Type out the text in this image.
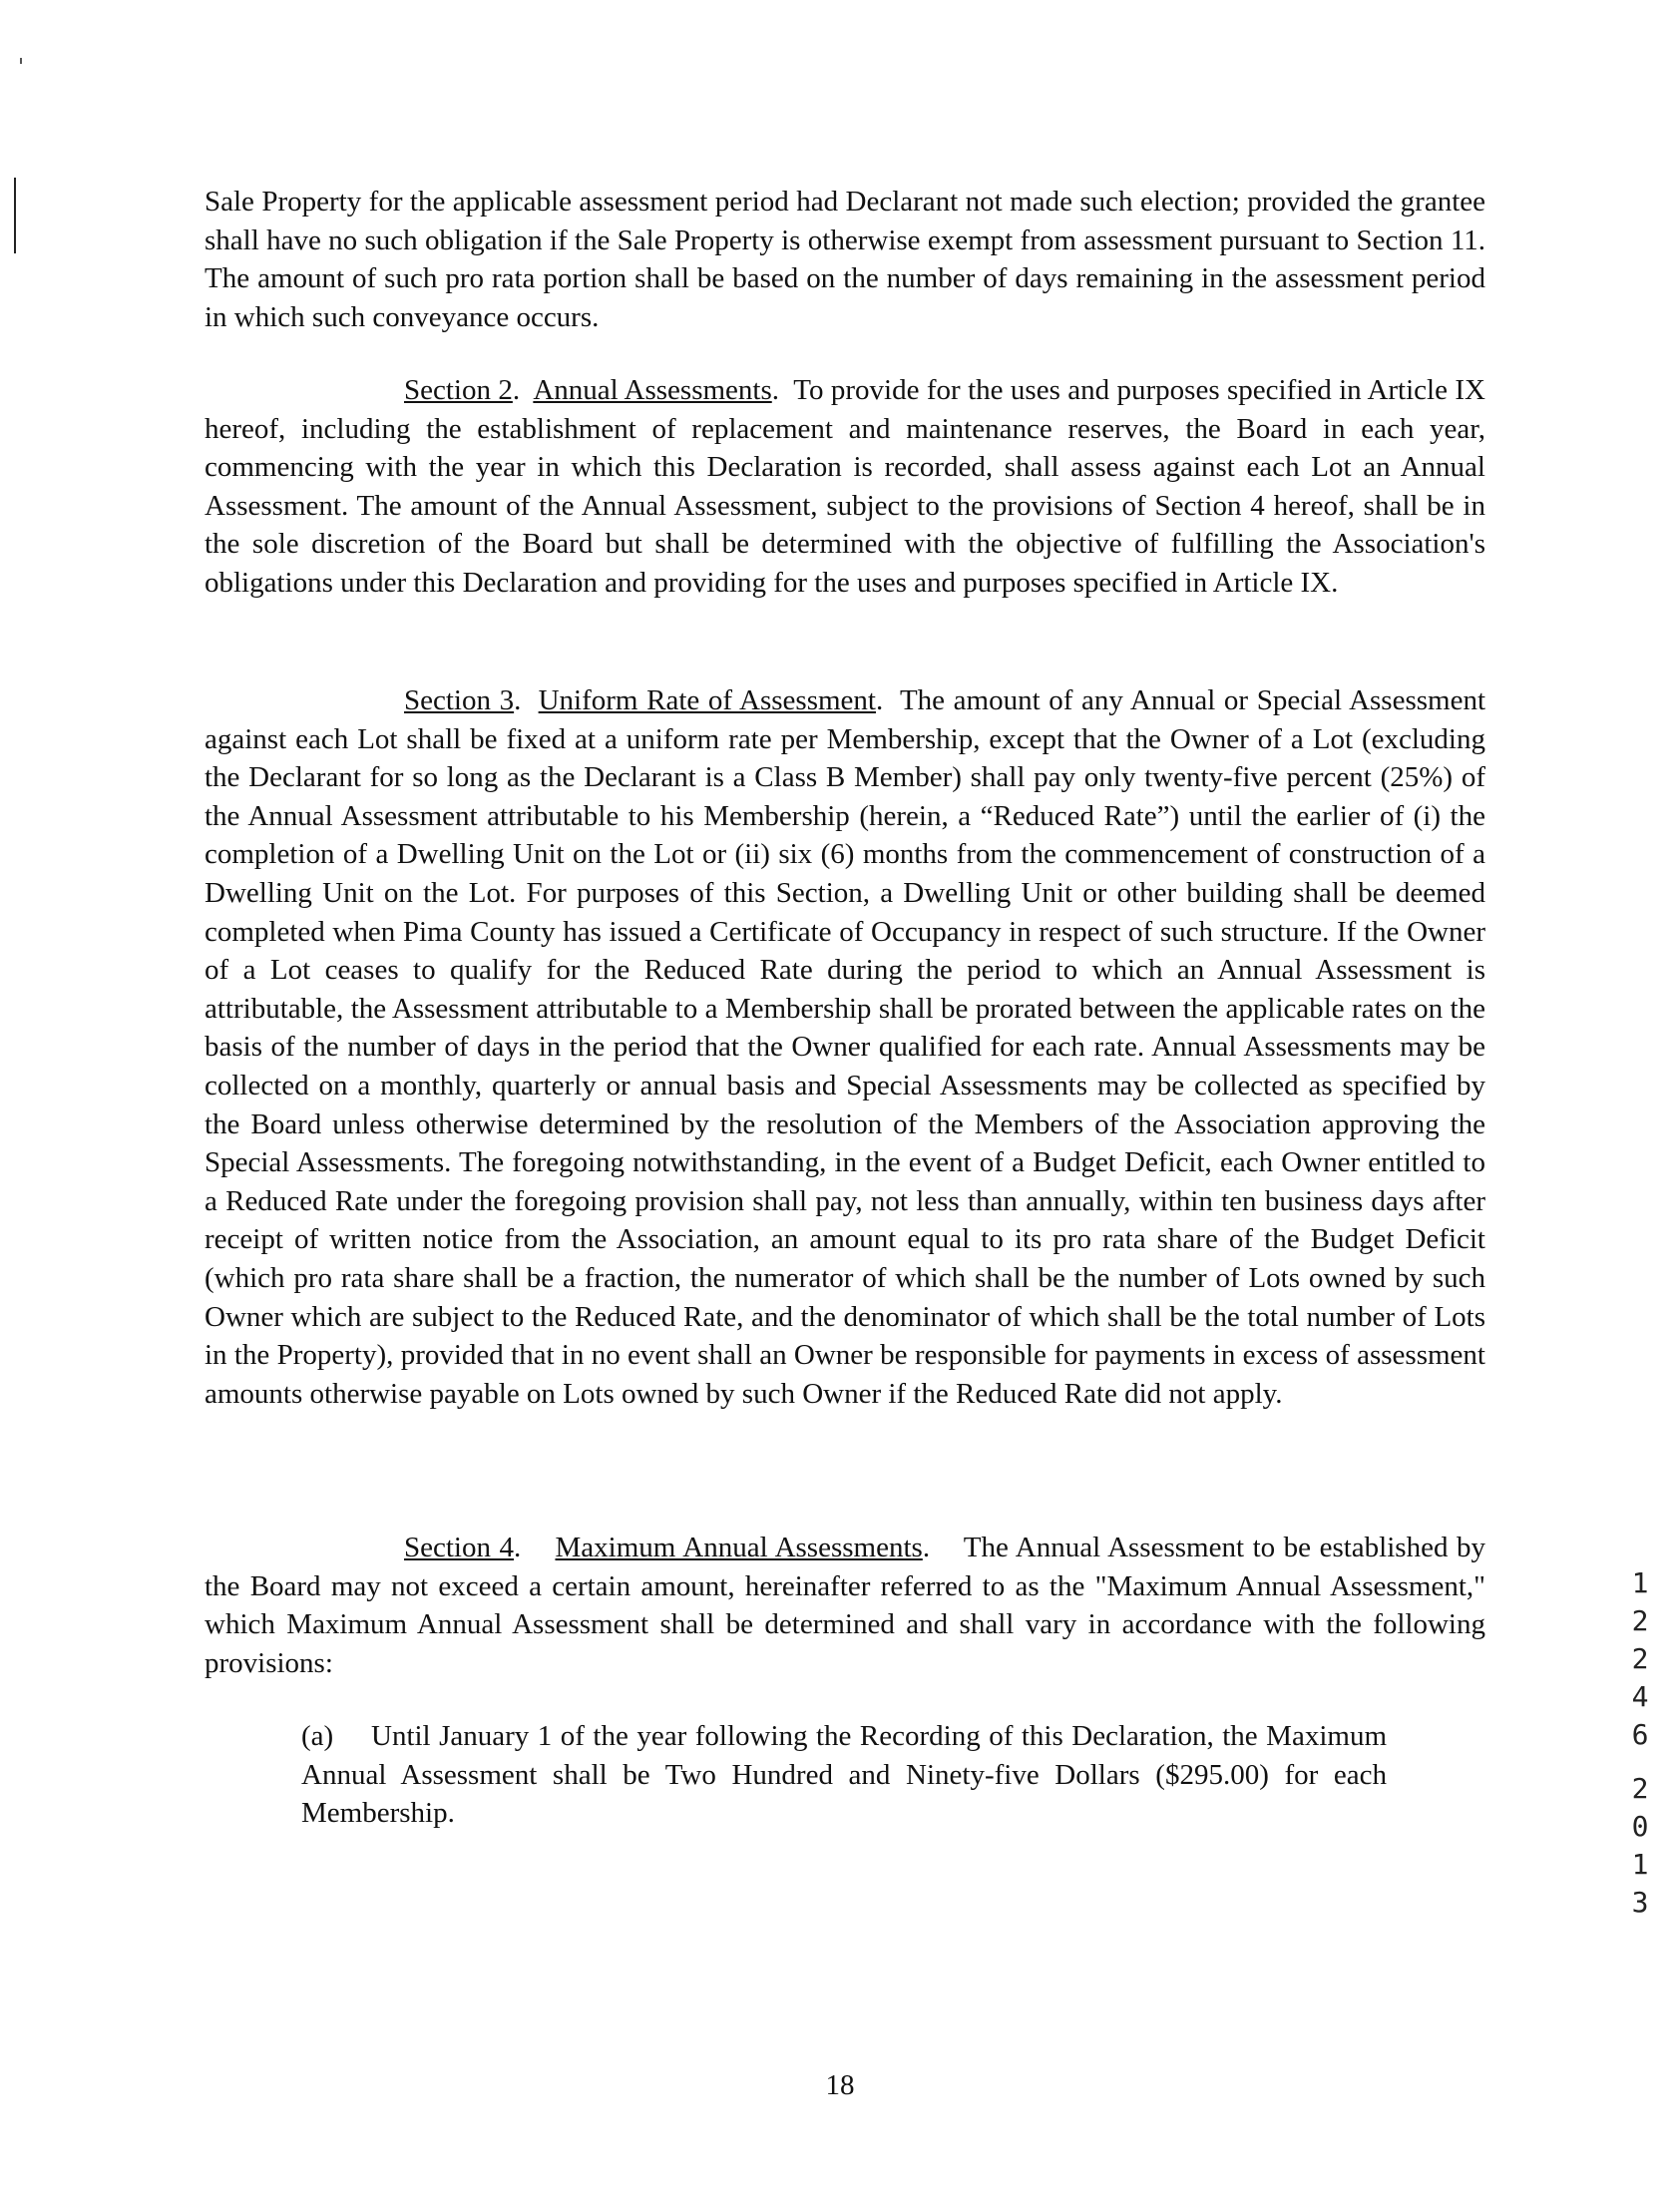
Sale Property for the applicable assessment period had Declarant not made such election; provided the grantee shall have no such obligation if the Sale Property is otherwise exempt from assessment pursuant to Section 11. The amount of such pro rata portion shall be based on the number of days remaining in the assessment period in which such conveyance occurs.

Section 2.  Annual Assessments.  To provide for the uses and purposes specified in Article IX hereof, including the establishment of replacement and maintenance reserves, the Board in each year, commencing with the year in which this Declaration is recorded, shall assess against each Lot an Annual Assessment. The amount of the Annual Assessment, subject to the provisions of Section 4 hereof, shall be in the sole discretion of the Board but shall be determined with the objective of fulfilling the Association's obligations under this Declaration and providing for the uses and purposes specified in Article IX.

Section 3.  Uniform Rate of Assessment.  The amount of any Annual or Special Assessment against each Lot shall be fixed at a uniform rate per Membership, except that the Owner of a Lot (excluding the Declarant for so long as the Declarant is a Class B Member) shall pay only twenty-five percent (25%) of the Annual Assessment attributable to his Membership (herein, a “Reduced Rate”) until the earlier of (i) the completion of a Dwelling Unit on the Lot or (ii) six (6) months from the commencement of construction of a Dwelling Unit on the Lot. For purposes of this Section, a Dwelling Unit or other building shall be deemed completed when Pima County has issued a Certificate of Occupancy in respect of such structure. If the Owner of a Lot ceases to qualify for the Reduced Rate during the period to which an Annual Assessment is attributable, the Assessment attributable to a Membership shall be prorated between the applicable rates on the basis of the number of days in the period that the Owner qualified for each rate. Annual Assessments may be collected on a monthly, quarterly or annual basis and Special Assessments may be collected as specified by the Board unless otherwise determined by the resolution of the Members of the Association approving the Special Assessments. The foregoing notwithstanding, in the event of a Budget Deficit, each Owner entitled to a Reduced Rate under the foregoing provision shall pay, not less than annually, within ten business days after receipt of written notice from the Association, an amount equal to its pro rata share of the Budget Deficit (which pro rata share shall be a fraction, the numerator of which shall be the number of Lots owned by such Owner which are subject to the Reduced Rate, and the denominator of which shall be the total number of Lots in the Property), provided that in no event shall an Owner be responsible for payments in excess of assessment amounts otherwise payable on Lots owned by such Owner if the Reduced Rate did not apply.

Section 4.    Maximum Annual Assessments.    The Annual Assessment to be established by the Board may not exceed a certain amount, hereinafter referred to as the "Maximum Annual Assessment," which Maximum Annual Assessment shall be determined and shall vary in accordance with the following provisions:

(a) Until January 1 of the year following the Recording of this Declaration, the Maximum Annual Assessment shall be Two Hundred and Ninety-five Dollars ($295.00) for each Membership.

18
1
2
2
4
6
2
0
1
3
